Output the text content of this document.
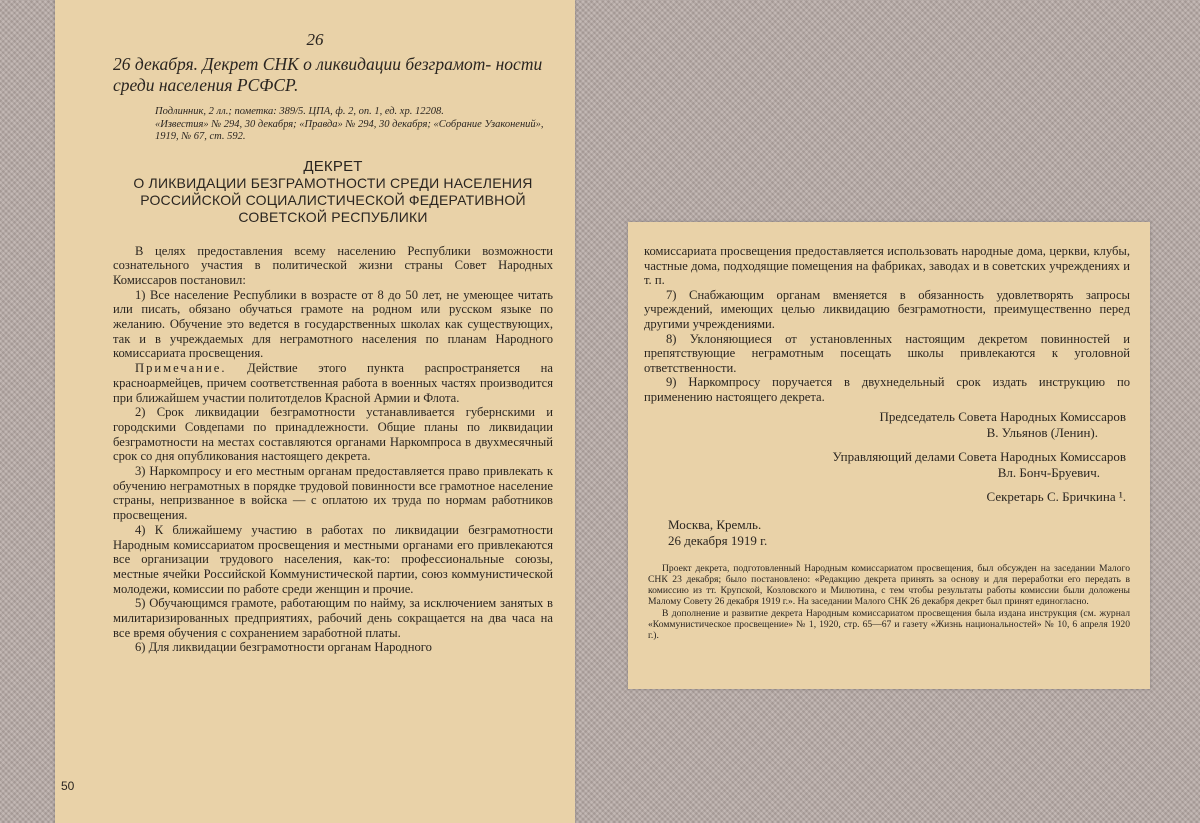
26
26 декабря. Декрет СНК о ликвидации безграмот- ности среди населения РСФСР.

Подлинник, 2 лл.; пометка: 389/5. ЦПА, ф. 2, оп. 1, ед. хр. 12208.

«Известия» № 294, 30 декабря; «Правда» № 294, 30 декабря; «Собрание Узаконений», 1919, № 67, ст. 592.

ДЕКРЕТ
О ЛИКВИДАЦИИ БЕЗГРАМОТНОСТИ СРЕДИ НАСЕЛЕНИЯ РОССИЙСКОЙ СОЦИАЛИСТИЧЕСКОЙ ФЕДЕРАТИВНОЙ СОВЕТСКОЙ РЕСПУБЛИКИ

В целях предоставления всему населению Республики возможности сознательного участия в политической жизни страны Совет Народных Комиссаров постановил:

1) Все население Республики в возрасте от 8 до 50 лет, не умеющее читать или писать, обязано обучаться грамоте на родном или русском языке по желанию. Обучение это ведется в государственных школах как существующих, так и в учреждаемых для неграмотного населения по планам Народного комиссариата просвещения.

Примечание. Действие этого пункта распространяется на красноармейцев, причем соответственная работа в военных частях производится при ближайшем участии политотделов Красной Армии и Флота.

2) Срок ликвидации безграмотности устанавливается губернскими и городскими Совдепами по принадлежности. Общие планы по ликвидации безграмотности на местах составляются органами Наркомпроса в двухмесячный срок со дня опубликования настоящего декрета.

3) Наркомпросу и его местным органам предоставляется право привлекать к обучению неграмотных в порядке трудовой повинности все грамотное население страны, непризванное в войска — с оплатою их труда по нормам работников просвещения.

4) К ближайшему участию в работах по ликвидации безграмотности Народным комиссариатом просвещения и местными органами его привлекаются все организации трудового населения, как-то: профессиональные союзы, местные ячейки Российской Коммунистической партии, союз коммунистической молодежи, комиссии по работе среди женщин и прочие.

5) Обучающимся грамоте, работающим по найму, за исключением занятых в милитаризированных предприятиях, рабочий день сокращается на два часа на все время обучения с сохранением заработной платы.

6) Для ликвидации безграмотности органам Народного

50

комиссариата просвещения предоставляется использовать народные дома, церкви, клубы, частные дома, подходящие помещения на фабриках, заводах и в советских учреждениях и т. п.

7) Снабжающим органам вменяется в обязанность удовлетворять запросы учреждений, имеющих целью ликвидацию безграмотности, преимущественно перед другими учреждениями.

8) Уклоняющиеся от установленных настоящим декретом повинностей и препятствующие неграмотным посещать школы привлекаются к уголовной ответственности.

9) Наркомпросу поручается в двухнедельный срок издать инструкцию по применению настоящего декрета.

Председатель Совета Народных Комиссаров

В. Ульянов (Ленин).

Управляющий делами Совета Народных Комиссаров

Вл. Бонч-Бруевич.

Секретарь С. Бричкина ¹.

Москва, Кремль.

26 декабря 1919 г.

Проект декрета, подготовленный Народным комиссариатом просвещения, был обсужден на заседании Малого СНК 23 декабря; было постановлено: «Редакцию декрета принять за основу и для переработки его передать в комиссию из тт. Крупской, Козловского и Милютина, с тем чтобы результаты работы комиссии были доложены Малому Совету 26 декабря 1919 г.». На заседании Малого СНК 26 декабря декрет был принят единогласно.

В дополнение и развитие декрета Народным комиссариатом просвещения была издана инструкция (см. журнал «Коммунистическое просвещение» № 1, 1920, стр. 65—67 и газету «Жизнь национальностей» № 10, 6 апреля 1920 г.).
